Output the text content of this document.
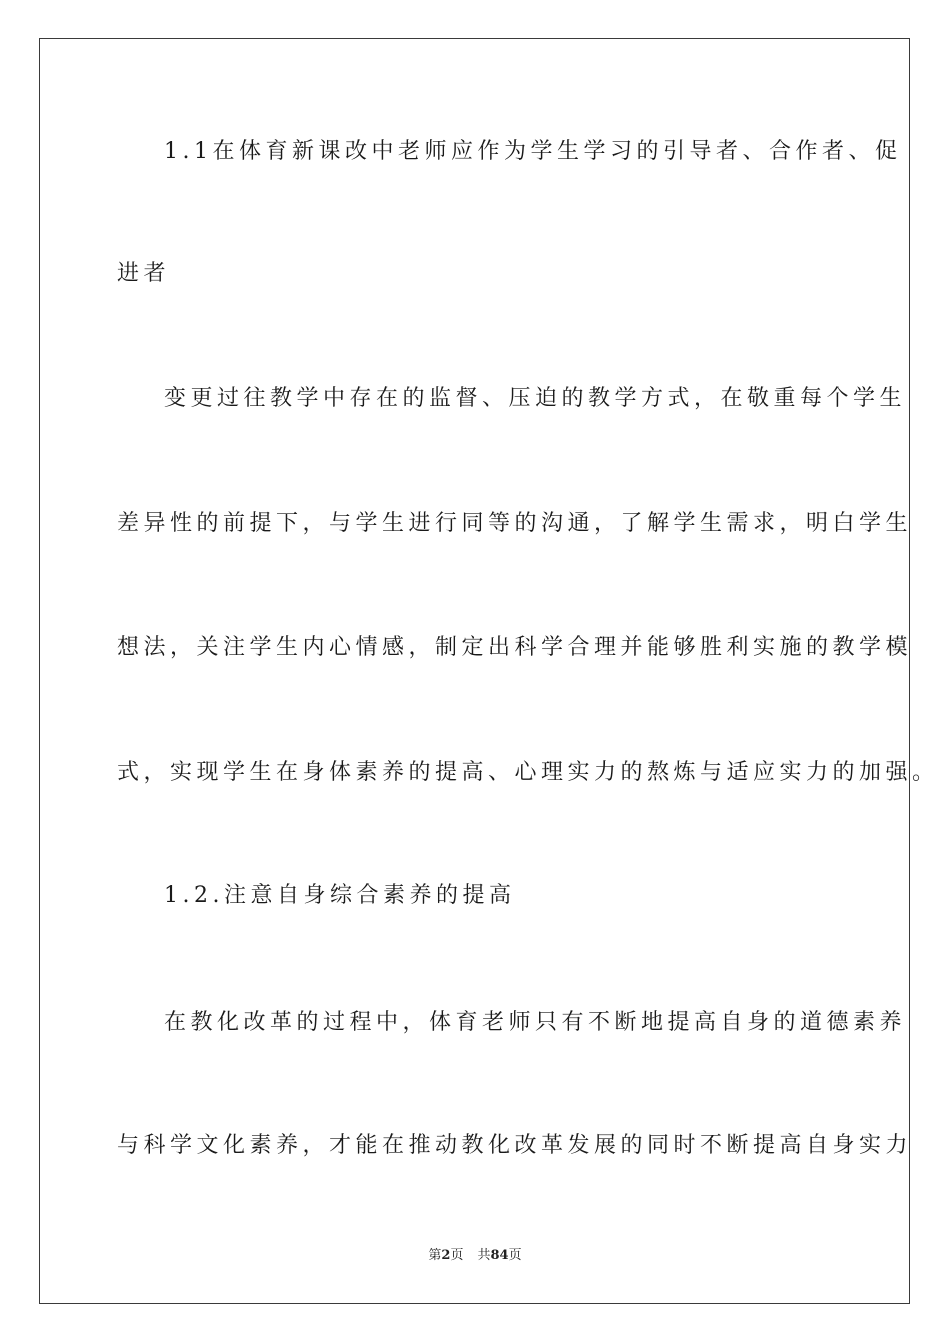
1.1在体育新课改中老师应作为学生学习的引导者、合作者、促
进者
变更过往教学中存在的监督、压迫的教学方式，在敬重每个学生
差异性的前提下，与学生进行同等的沟通，了解学生需求，明白学生
想法，关注学生内心情感，制定出科学合理并能够胜利实施的教学模
式，实现学生在身体素养的提高、心理实力的熬炼与适应实力的加强。
1.2.注意自身综合素养的提高
在教化改革的过程中，体育老师只有不断地提高自身的道德素养
与科学文化素养，才能在推动教化改革发展的同时不断提高自身实力
第2页 共84页
